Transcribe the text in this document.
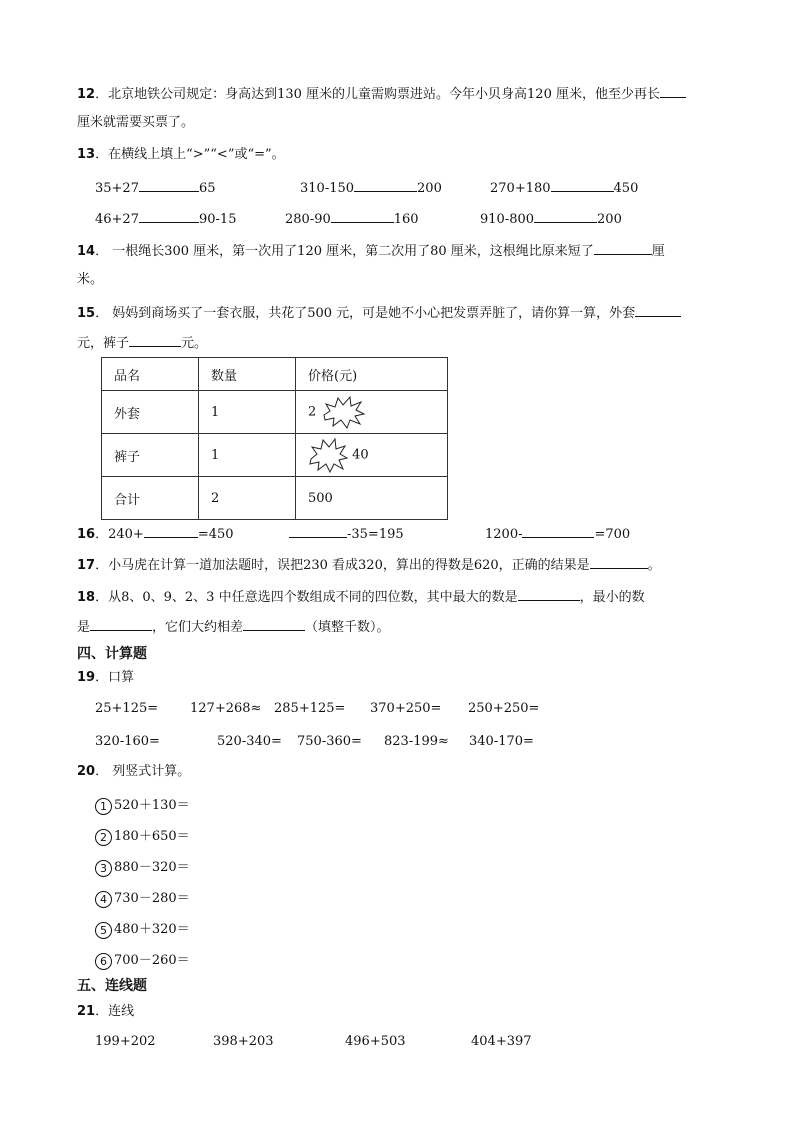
12．北京地铁公司规定：身高达到130 厘米的儿童需购票进站。今年小贝身高120 厘米，他至少再长
厘米就需要买票了。
13．在横线上填上“>”“<”或“=”。
35+27	65	310-150	200	270+180	450
46+27	90-15	280-90	160	910-800	200
14． 一根绳长300 厘米，第一次用了120 厘米，第二次用了80 厘米，这根绳比原来短了	厘
米。
15． 妈妈到商场买了一套衣服，共花了500 元，可是她不小心把发票弄脏了，请你算一算，外套
元，裤子	元。
品名	数量	价格(元)
外套	1	2
裤子	1	40
合计	2	500
16．240+	=450	-35=195	1200-	=700
17．小马虎在计算一道加法题时，误把230 看成320，算出的得数是620，正确的结果是	。
18．从8、0、9、2、3 中任意选四个数组成不同的四位数，其中最大的数是	，最小的数
是	，它们大约相差	（填整千数）。
四、计算题
19．口算
25+125= 127+268≈ 285+125= 370+250= 250+250=
320-160=	520-340= 750-360= 823-199≈ 340-170=
20． 列竖式计算。
1 520＋130＝
2 180＋650＝
3 880－320＝
4 730－280＝
5 480＋320＝
6 700－260＝
五、连线题
21．连线
199+202	398+203	496+503	404+397
